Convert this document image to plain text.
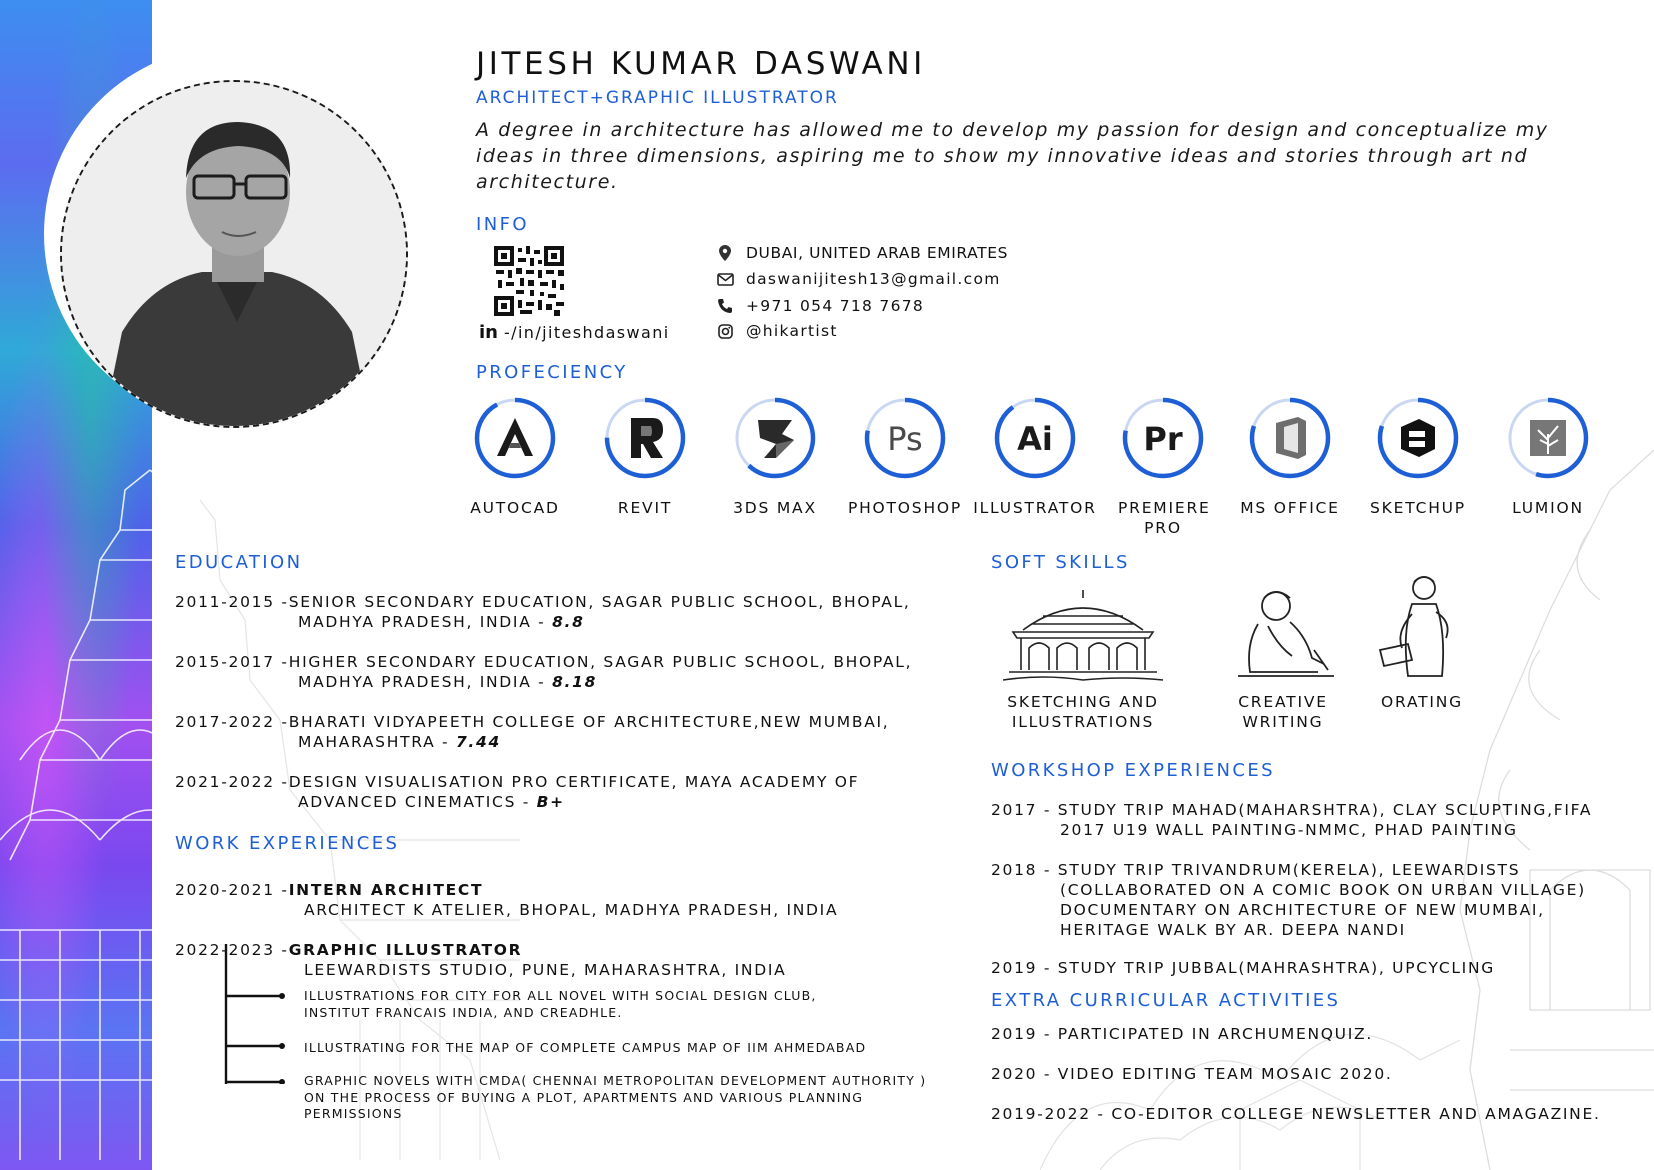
JITESH KUMAR DASWANI
ARCHITECT+GRAPHIC ILLUSTRATOR
A degree in architecture has allowed me to develop my passion for design and conceptualize my ideas in three dimensions, aspiring me to show my innovative ideas and stories through art nd architecture.
INFO
in -/in/jiteshdaswani
DUBAI, UNITED ARAB EMIRATES
daswanijitesh13@gmail.com
+971 054 718 7678
@hikartist
PROFECIENCY
AUTOCAD	REVIT	3DS MAX
Ps
PHOTOSHOP
Ai
ILLUSTRATOR
Pr
PREMIERE PRO
MS OFFICE	SKETCHUP	LUMION
EDUCATION
2011-2015 -SENIOR SECONDARY EDUCATION, SAGAR PUBLIC SCHOOL, BHOPAL,
MADHYA PRADESH, INDIA - 8.8
2015-2017 -HIGHER SECONDARY EDUCATION, SAGAR PUBLIC SCHOOL, BHOPAL,
MADHYA PRADESH, INDIA - 8.18
2017-2022 -BHARATI VIDYAPEETH COLLEGE OF ARCHITECTURE,NEW MUMBAI,
MAHARASHTRA - 7.44
2021-2022 -DESIGN VISUALISATION PRO CERTIFICATE, MAYA ACADEMY OF
ADVANCED CINEMATICS - B+
WORK EXPERIENCES
2020-2021 -INTERN ARCHITECT
ARCHITECT K ATELIER, BHOPAL, MADHYA PRADESH, INDIA
2022-2023 -GRAPHIC ILLUSTRATOR
LEEWARDISTS STUDIO, PUNE, MAHARASHTRA, INDIA
ILLUSTRATIONS FOR CITY FOR ALL NOVEL WITH SOCIAL DESIGN CLUB,
INSTITUT FRANCAIS INDIA, AND CREADHLE.
ILLUSTRATING FOR THE MAP OF COMPLETE CAMPUS MAP OF IIM AHMEDABAD
GRAPHIC NOVELS WITH CMDA( CHENNAI METROPOLITAN DEVELOPMENT AUTHORITY )
ON THE PROCESS OF BUYING A PLOT, APARTMENTS AND VARIOUS PLANNING
PERMISSIONS
SOFT SKILLS
SKETCHING AND
ILLUSTRATIONS
CREATIVE
WRITING
ORATING
WORKSHOP EXPERIENCES
2017 - STUDY TRIP MAHAD(MAHARSHTRA), CLAY SCLUPTING,FIFA
2017 U19 WALL PAINTING-NMMC, PHAD PAINTING
2018 - STUDY TRIP TRIVANDRUM(KERELA), LEEWARDISTS
(COLLABORATED ON A COMIC BOOK ON URBAN VILLAGE)
DOCUMENTARY ON ARCHITECTURE OF NEW MUMBAI,
HERITAGE WALK BY AR. DEEPA NANDI
2019 - STUDY TRIP JUBBAL(MAHRASHTRA), UPCYCLING
EXTRA CURRICULAR ACTIVITIES
2019 - PARTICIPATED IN ARCHUMENQUIZ.
2020 - VIDEO EDITING TEAM MOSAIC 2020.
2019-2022 - CO-EDITOR COLLEGE NEWSLETTER AND AMAGAZINE.
